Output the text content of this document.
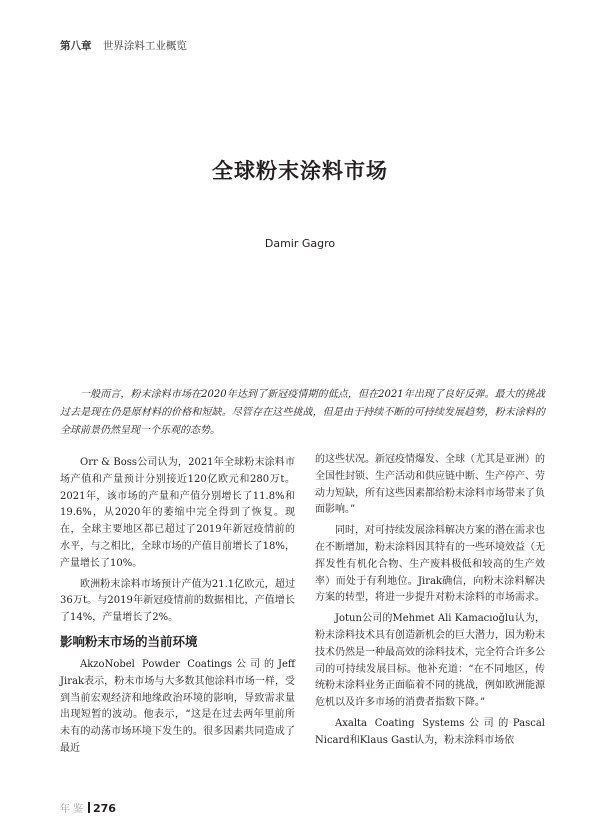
第八章 世界涂料工业概览
全球粉末涂料市场
Damir Gagro

一般而言，粉末涂料市场在2020年达到了新冠疫情期的低点，但在2021年出现了良好反弹。最大的挑战过去是现在仍是原材料的价格和短缺。尽管存在这些挑战，但是由于持续不断的可持续发展趋势，粉末涂料的全球前景仍然呈现一个乐观的态势。

Orr & Boss公司认为，2021年全球粉末涂料市场产值和产量预计分别接近120亿欧元和280万t。2021年，该市场的产量和产值分别增长了11.8%和19.6%，从2020年的萎缩中完全得到了恢复。现在，全球主要地区都已超过了2019年新冠疫情前的水平，与之相比，全球市场的产值目前增长了18%，产量增长了10%。

欧洲粉末涂料市场预计产值为21.1亿欧元，超过36万t。与2019年新冠疫情前的数据相比，产值增长了14%，产量增长了2%。

影响粉末市场的当前环境

AkzoNobel Powder Coatings公司的Jeff Jirak表示，粉末市场与大多数其他涂料市场一样，受到当前宏观经济和地缘政治环境的影响，导致需求量出现短暂的波动。他表示，“这是在过去两年里前所未有的动荡市场环境下发生的。很多因素共同造成了最近

的这些状况。新冠疫情爆发、全球（尤其是亚洲）的全国性封锁、生产活动和供应链中断、生产停产、劳动力短缺，所有这些因素都给粉末涂料市场带来了负面影响。”

同时，对可持续发展涂料解决方案的潜在需求也在不断增加，粉末涂料因其特有的一些环境效益（无挥发性有机化合物、生产废料极低和较高的生产效率）而处于有利地位。Jirak确信，向粉末涂料解决方案的转型，将进一步提升对粉末涂料的市场需求。

Jotun公司的Mehmet Ali Kamacıoğlu认为，粉末涂料技术具有创造新机会的巨大潜力，因为粉末技术仍然是一种最高效的涂料技术，完全符合许多公司的可持续发展目标。他补充道：“在不同地区，传统粉末涂料业务正面临着不同的挑战，例如欧洲能源危机以及许多市场的消费者指数下降。”

Axalta Coating Systems公司的Pascal Nicard和Klaus Gast认为，粉末涂料市场依

年鉴 276
